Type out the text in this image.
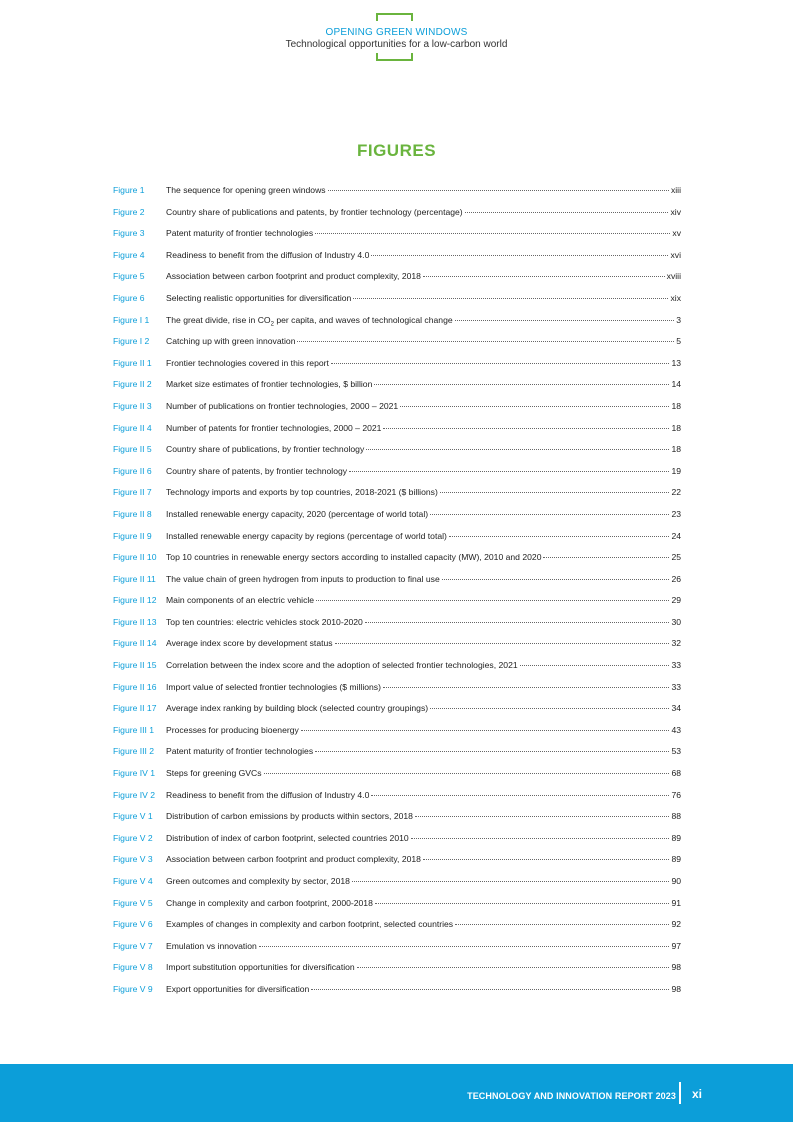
OPENING GREEN WINDOWS
Technological opportunities for a low-carbon world
FIGURES
Figure 1	The sequence for opening green windows	xiii
Figure 2	Country share of publications and patents, by frontier technology (percentage)	xiv
Figure 3	Patent maturity of frontier technologies	xv
Figure 4	Readiness to benefit from the diffusion of Industry 4.0	xvi
Figure 5	Association between carbon footprint and product complexity, 2018	xviii
Figure 6	Selecting realistic opportunities for diversification	xix
Figure I 1	The great divide, rise in $CO_2$ per capita, and waves of technological change	3
Figure I 2	Catching up with green innovation	5
Figure II 1	Frontier technologies covered in this report	13
Figure II 2	Market size estimates of frontier technologies, $ billion	14
Figure II 3	Number of publications on frontier technologies, 2000 – 2021	18
Figure II 4	Number of patents for frontier technologies, 2000 – 2021	18
Figure II 5	Country share of publications, by frontier technology	18
Figure II 6	Country share of patents, by frontier technology	19
Figure II 7	Technology imports and exports by top countries, 2018-2021 ($ billions)	22
Figure II 8	Installed renewable energy capacity, 2020 (percentage of world total)	23
Figure II 9	Installed renewable energy capacity by regions (percentage of world total)	24
Figure II 10	Top 10 countries in renewable energy sectors according to installed capacity (MW), 2010 and 2020	25
Figure II 11	The value chain of green hydrogen from inputs to production to final use	26
Figure II 12	Main components of an electric vehicle	29
Figure II 13	Top ten countries: electric vehicles stock 2010-2020	30
Figure II 14	Average index score by development status	32
Figure II 15	Correlation between the index score and the adoption of selected frontier technologies, 2021	33
Figure II 16	Import value of selected frontier technologies ($ millions)	33
Figure II 17	Average index ranking by building block (selected country groupings)	34
Figure III 1	Processes for producing bioenergy	43
Figure III 2	Patent maturity of frontier technologies	53
Figure IV 1	Steps for greening GVCs	68
Figure IV 2	Readiness to benefit from the diffusion of Industry 4.0	76
Figure V 1	Distribution of carbon emissions by products within sectors, 2018	88
Figure V 2	Distribution of index of carbon footprint, selected countries 2010	89
Figure V 3	Association between carbon footprint and product complexity, 2018	89
Figure V 4	Green outcomes and complexity by sector, 2018	90
Figure V 5	Change in complexity and carbon footprint, 2000-2018	91
Figure V 6	Examples of changes in complexity and carbon footprint, selected countries	92
Figure V 7	Emulation vs innovation	97
Figure V 8	Import substitution opportunities for diversification	98
Figure V 9	Export opportunities for diversification	98
TECHNOLOGY AND INNOVATION REPORT 2023 xi
